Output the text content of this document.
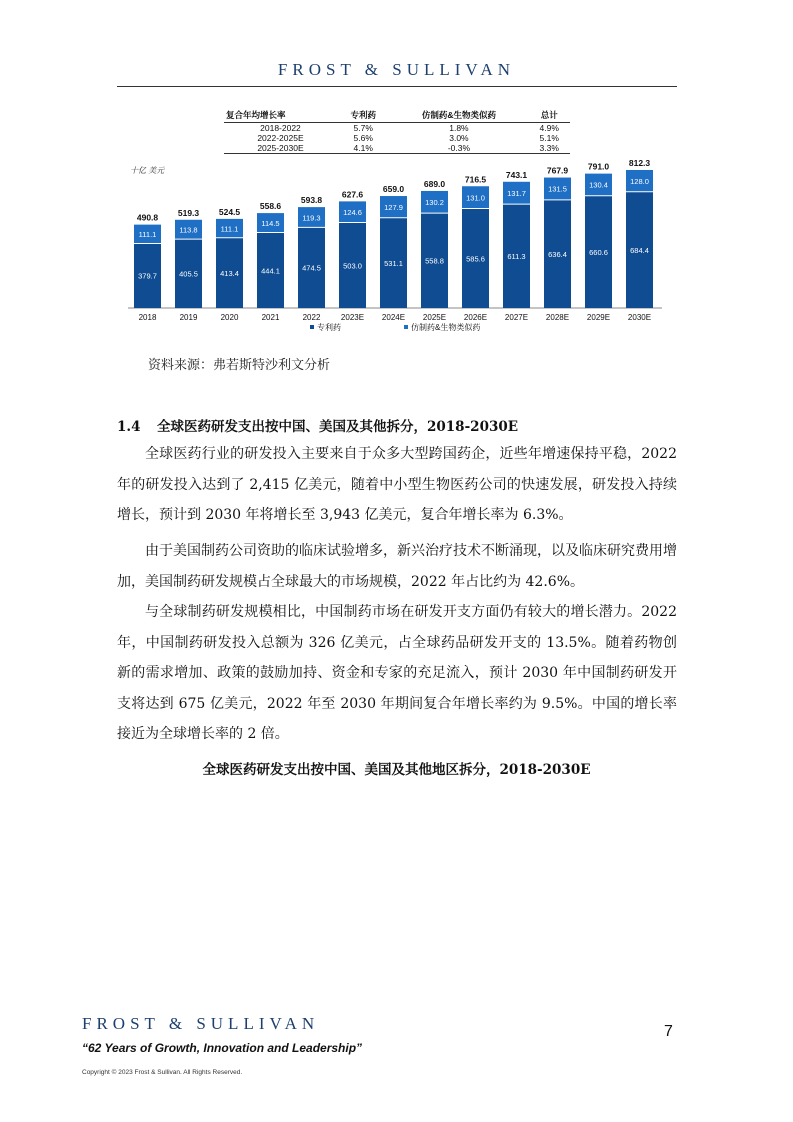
FROST & SULLIVAN
复合年均增长率	专利药	仿制药&生物类似药	总计
2018-2022	5.7%	1.8%	4.9%
2022-2025E	5.6%	3.0%	5.1%
2025-2030E	4.1%	-0.3%	3.3%
十亿 美元
379.7
111.1
490.8
2018
405.5
113.8
519.3
2019
413.4
111.1
524.5
2020
444.1
114.5
558.6
2021
474.5
119.3
593.8
2022
503.0
124.6
627.6
2023E
531.1
127.9
659.0
2024E
558.8
130.2
689.0
2025E
585.6
131.0
716.5
2026E
611.3
131.7
743.1
2027E
636.4
131.5
767.9
2028E
660.6
130.4
791.0
2029E
684.4
128.0
812.3
2030E
专利药	仿制药&生物类似药
资料来源：弗若斯特沙利文分析
1.4 全球医药研发支出按中国、美国及其他拆分，2018-2030E

全球医药行业的研发投入主要来自于众多大型跨国药企，近些年增速保持平稳，2022 年的研发投入达到了 2,415 亿美元，随着中小型生物医药公司的快速发展，研发投入持续增长，预计到 2030 年将增长至 3,943 亿美元，复合年增长率为 6.3%。

由于美国制药公司资助的临床试验增多，新兴治疗技术不断涌现，以及临床研究费用增加，美国制药研发规模占全球最大的市场规模，2022 年占比约为 42.6%。

与全球制药研发规模相比，中国制药市场在研发开支方面仍有较大的增长潜力。2022 年，中国制药研发投入总额为 326 亿美元，占全球药品研发开支的 13.5%。随着药物创新的需求增加、政策的鼓励加持、资金和专家的充足流入，预计 2030 年中国制药研发开支将达到 675 亿美元，2022 年至 2030 年期间复合年增长率约为 9.5%。中国的增长率接近为全球增长率的 2 倍。

全球医药研发支出按中国、美国及其他地区拆分，2018-2030E
FROST & SULLIVAN
“62 Years of Growth, Innovation and Leadership”
Copyright © 2023 Frost & Sullivan. All Rights Reserved.
7
